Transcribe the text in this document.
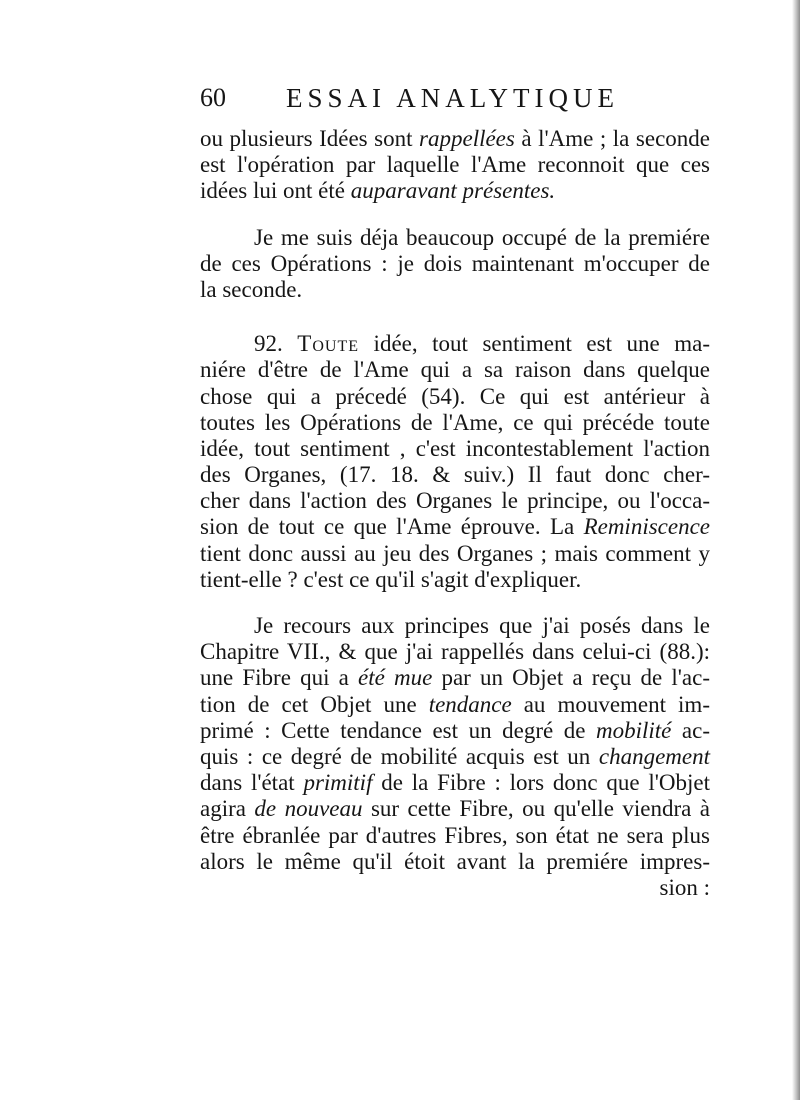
60 ESSAI ANALYTIQUE
ou plusieurs Idées sont rappellées à l'Ame ; la seconde
est l'opération par laquelle l'Ame reconnoit que ces
idées lui ont été auparavant présentes.
Je me suis déja beaucoup occupé de la premiére
de ces Opérations : je dois maintenant m'occuper de
la seconde.
92. Toute idée, tout sentiment est une ma-
niére d'être de l'Ame qui a sa raison dans quelque
chose qui a précedé (54). Ce qui est antérieur à
toutes les Opérations de l'Ame, ce qui précéde toute
idée, tout sentiment , c'est incontestablement l'action
des Organes, (17. 18. & suiv.) Il faut donc cher-
cher dans l'action des Organes le principe, ou l'occa-
sion de tout ce que l'Ame éprouve. La Reminiscence
tient donc aussi au jeu des Organes ; mais comment y
tient-elle ? c'est ce qu'il s'agit d'expliquer.
Je recours aux principes que j'ai posés dans le
Chapitre VII., & que j'ai rappellés dans celui-ci (88.):
une Fibre qui a été mue par un Objet a reçu de l'ac-
tion de cet Objet une tendance au mouvement im-
primé : Cette tendance est un degré de mobilité ac-
quis : ce degré de mobilité acquis est un changement
dans l'état primitif de la Fibre : lors donc que l'Objet
agira de nouveau sur cette Fibre, ou qu'elle viendra à
être ébranlée par d'autres Fibres, son état ne sera plus
alors le même qu'il étoit avant la premiére impres-
sion :
